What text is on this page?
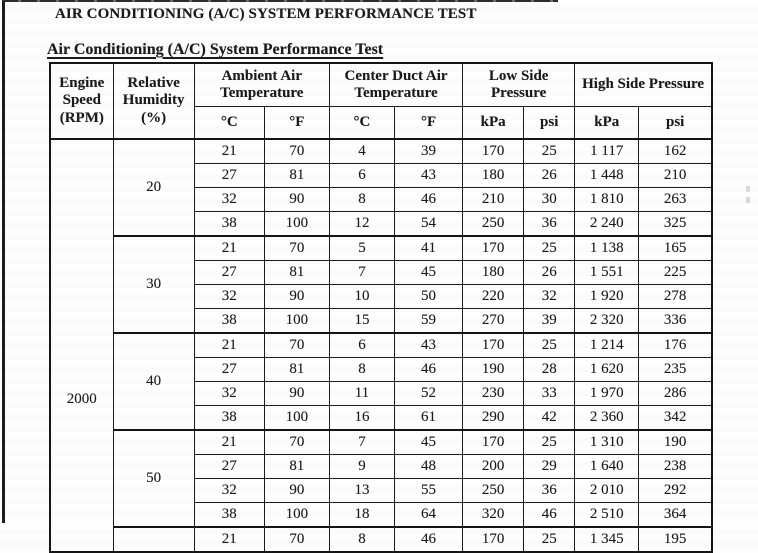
AIR CONDITIONING (A/C) SYSTEM PERFORMANCE TEST
Air Conditioning (A/C) System Performance Test
Engine Speed (RPM)	Relative Humidity (%)	Ambient Air Temperature		Center Duct Air Temperature		Low Side Pressure		High Side Pressure	
		°C	°F	°C	°F	kPa	psi	kPa	psi

2000	20	21	70	4	39	170	25	1 117	162
		27	81	6	43	180	26	1 448	210
		32	90	8	46	210	30	1 810	263
		38	100	12	54	250	36	2 240	325
	30	21	70	5	41	170	25	1 138	165
		27	81	7	45	180	26	1 551	225
		32	90	10	50	220	32	1 920	278
		38	100	15	59	270	39	2 320	336
	40	21	70	6	43	170	25	1 214	176
		27	81	8	46	190	28	1 620	235
		32	90	11	52	230	33	1 970	286
		38	100	16	61	290	42	2 360	342
	50	21	70	7	45	170	25	1 310	190
		27	81	9	48	200	29	1 640	238
		32	90	13	55	250	36	2 010	292
		38	100	18	64	320	46	2 510	364
		21	70	8	46	170	25	1 345	195
